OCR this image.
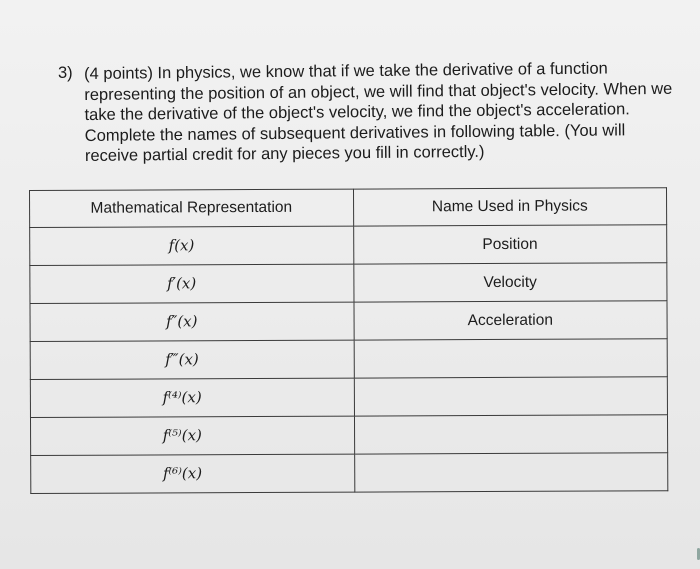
3) (4 points) In physics, we know that if we take the derivative of a function
representing the position of an object, we will find that object's velocity. When we
take the derivative of the object's velocity, we find the object's acceleration.
Complete the names of subsequent derivatives in following table. (You will
receive partial credit for any pieces you fill in correctly.)
Mathematical Representation	Name Used in Physics
f(x)	Position
f′(x)	Velocity
f″(x)	Acceleration
f‴(x)	
f⁽⁴⁾(x)	
f⁽⁵⁾(x)	
f⁽⁶⁾(x)	
